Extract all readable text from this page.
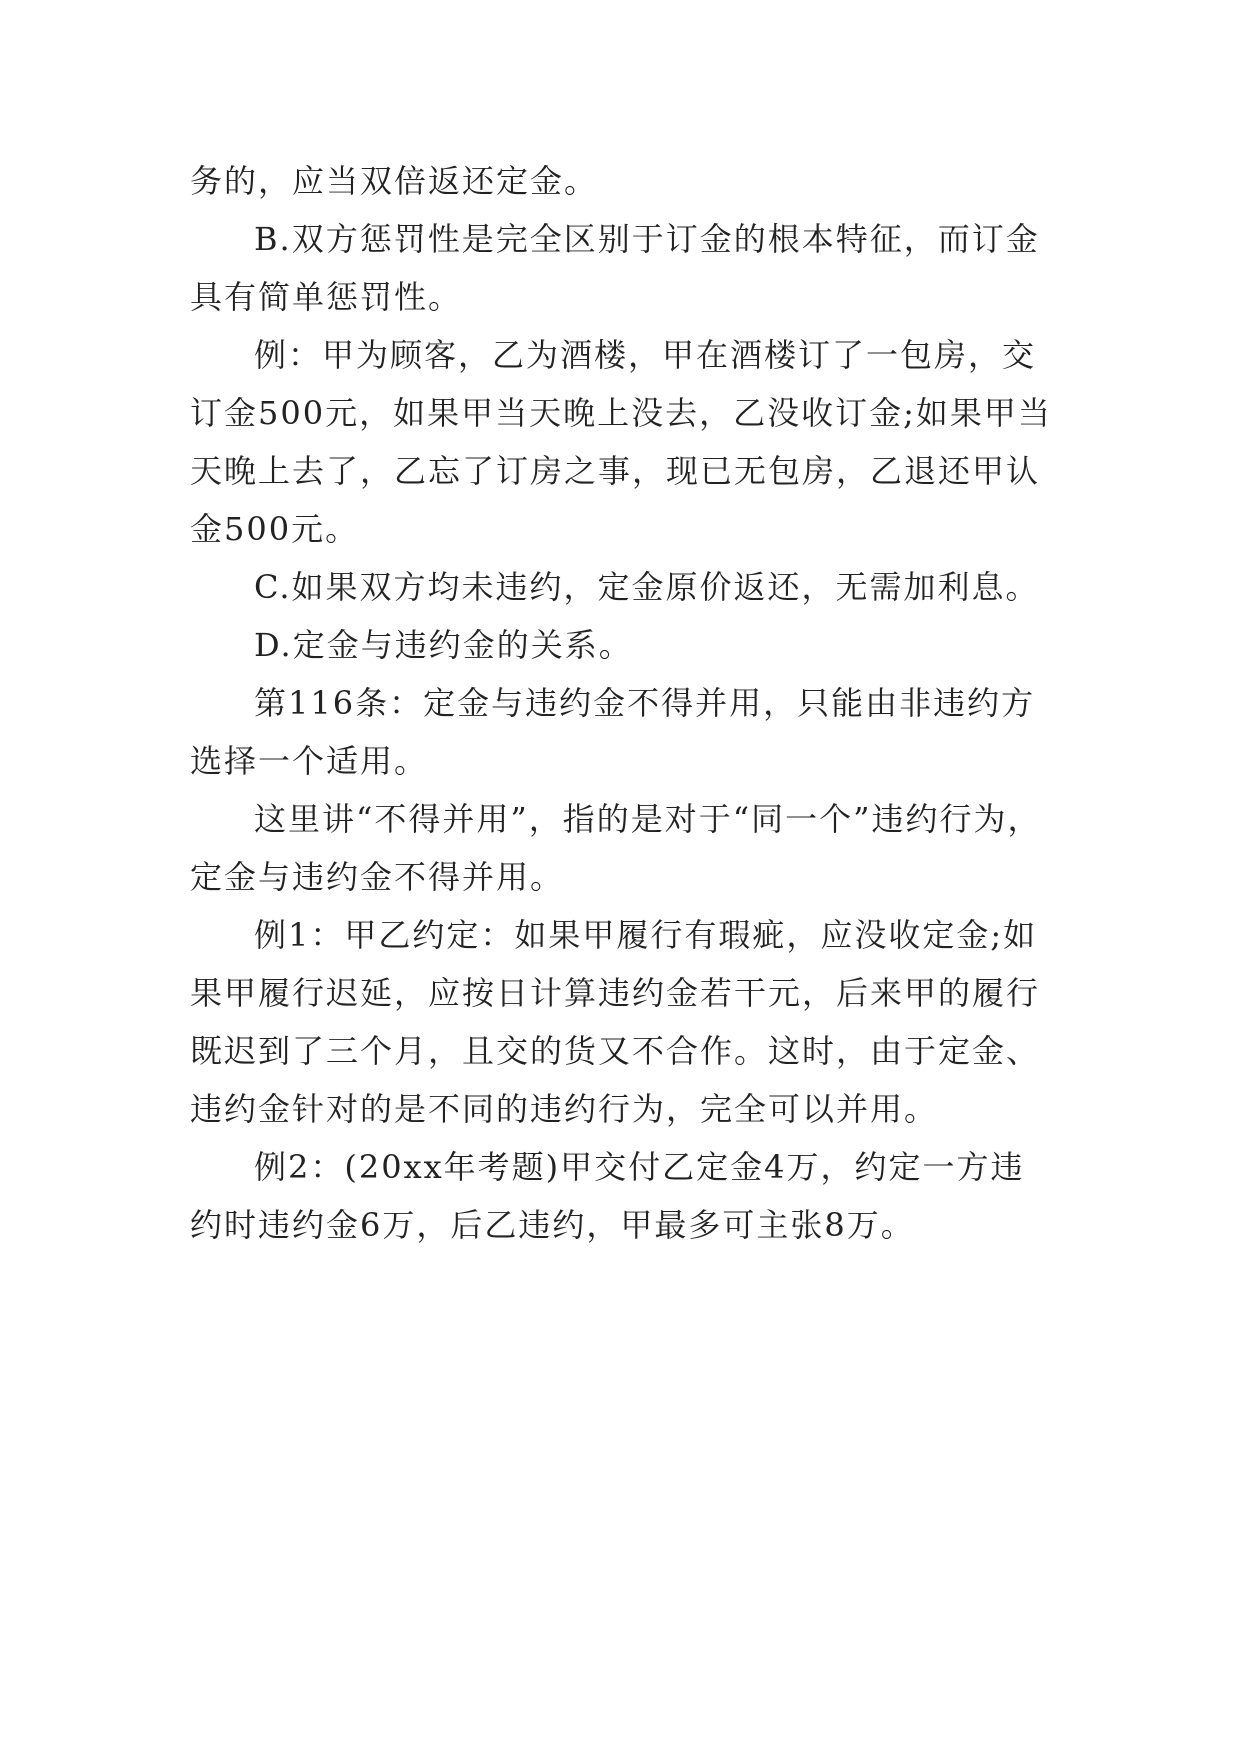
务的，应当双倍返还定金。

B.双方惩罚性是完全区别于订金的根本特征，而订金具有简单惩罚性。

例：甲为顾客，乙为酒楼，甲在酒楼订了一包房，交订金500元，如果甲当天晚上没去，乙没收订金;如果甲当天晚上去了，乙忘了订房之事，现已无包房，乙退还甲认金500元。

C.如果双方均未违约，定金原价返还，无需加利息。

D.定金与违约金的关系。

第116条：定金与违约金不得并用，只能由非违约方选择一个适用。

这里讲“不得并用”，指的是对于“同一个”违约行为，定金与违约金不得并用。

例1：甲乙约定：如果甲履行有瑕疵，应没收定金;如果甲履行迟延，应按日计算违约金若干元，后来甲的履行既迟到了三个月，且交的货又不合作。这时，由于定金、违约金针对的是不同的违约行为，完全可以并用。

例2：(20xx年考题)甲交付乙定金4万，约定一方违约时违约金6万，后乙违约，甲最多可主张8万。
